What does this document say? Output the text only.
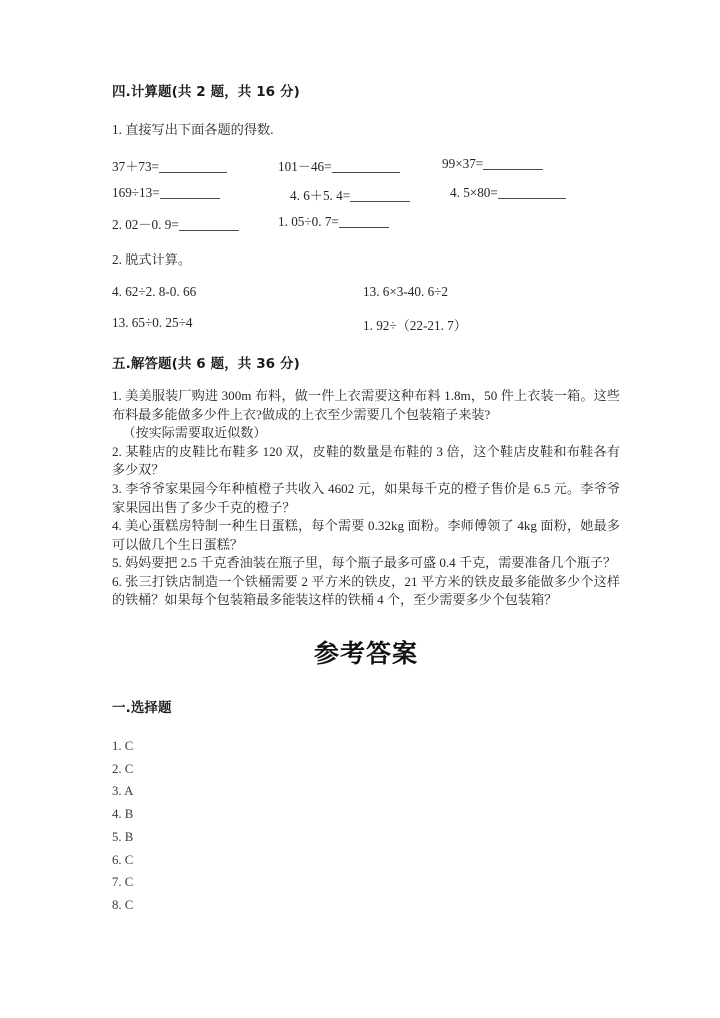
四.计算题(共 2 题，共 16 分)
1. 直接写出下面各题的得数.
37＋73=	101－46=	99×37=
169÷13=	4. 6＋5. 4=	4. 5×80=
2. 02－0. 9=	1. 05÷0. 7=
2. 脱式计算。
4. 62÷2. 8-0. 66	13. 6×3-40. 6÷2
13. 65÷0. 25÷4	1. 92÷（22-21. 7）
五.解答题(共 6 题，共 36 分)
1. 美美服装厂购进 300m 布料，做一件上衣需要这种布料 1.8m，50 件上衣装一箱。这些布料最多能做多少件上衣?做成的上衣至少需要几个包装箱子来装?
（按实际需要取近似数）
2. 某鞋店的皮鞋比布鞋多 120 双，皮鞋的数量是布鞋的 3 倍，这个鞋店皮鞋和布鞋各有多少双？
3. 李爷爷家果园今年种植橙子共收入 4602 元，如果每千克的橙子售价是 6.5 元。李爷爷家果园出售了多少千克的橙子？
4. 美心蛋糕房特制一种生日蛋糕，每个需要 0.32kg 面粉。李师傅领了 4kg 面粉，她最多可以做几个生日蛋糕？
5. 妈妈要把 2.5 千克香油装在瓶子里，每个瓶子最多可盛 0.4 千克，需要准备几个瓶子？
6. 张三打铁店制造一个铁桶需要 2 平方米的铁皮，21 平方米的铁皮最多能做多少个这样的铁桶？如果每个包装箱最多能装这样的铁桶 4 个，至少需要多少个包装箱？
参考答案
一.选择题
1. C
2. C
3. A
4. B
5. B
6. C
7. C
8. C
